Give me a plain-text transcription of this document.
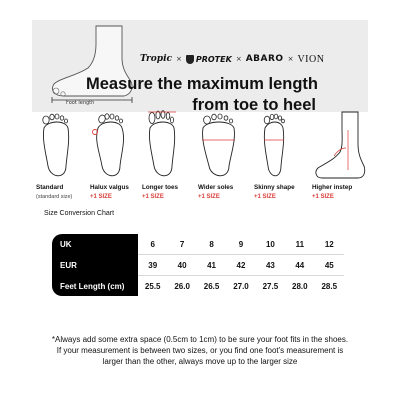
Foot length
Tropic × PROTEK × ABARO × VION
Measure the maximum length
from toe to heel
Standard
(standard size)
Halux valgus
+1 SIZE
Longer toes
+1 SIZE
Wider soles
+1 SIZE
Skinny shape
+1 SIZE
Higher instep
+1 SIZE
Size Conversion Chart
UK	6	7	8	9	10	11	12
EUR	39	40	41	42	43	44	45
Feet Length (cm)	25.5	26.0	26.5	27.0	27.5	28.0	28.5
*Always add some extra space (0.5cm to 1cm) to be sure your foot fits in the shoes.
If your measurement is between two sizes, or you find one foot's measurement is
larger than the other, always move up to the larger size
